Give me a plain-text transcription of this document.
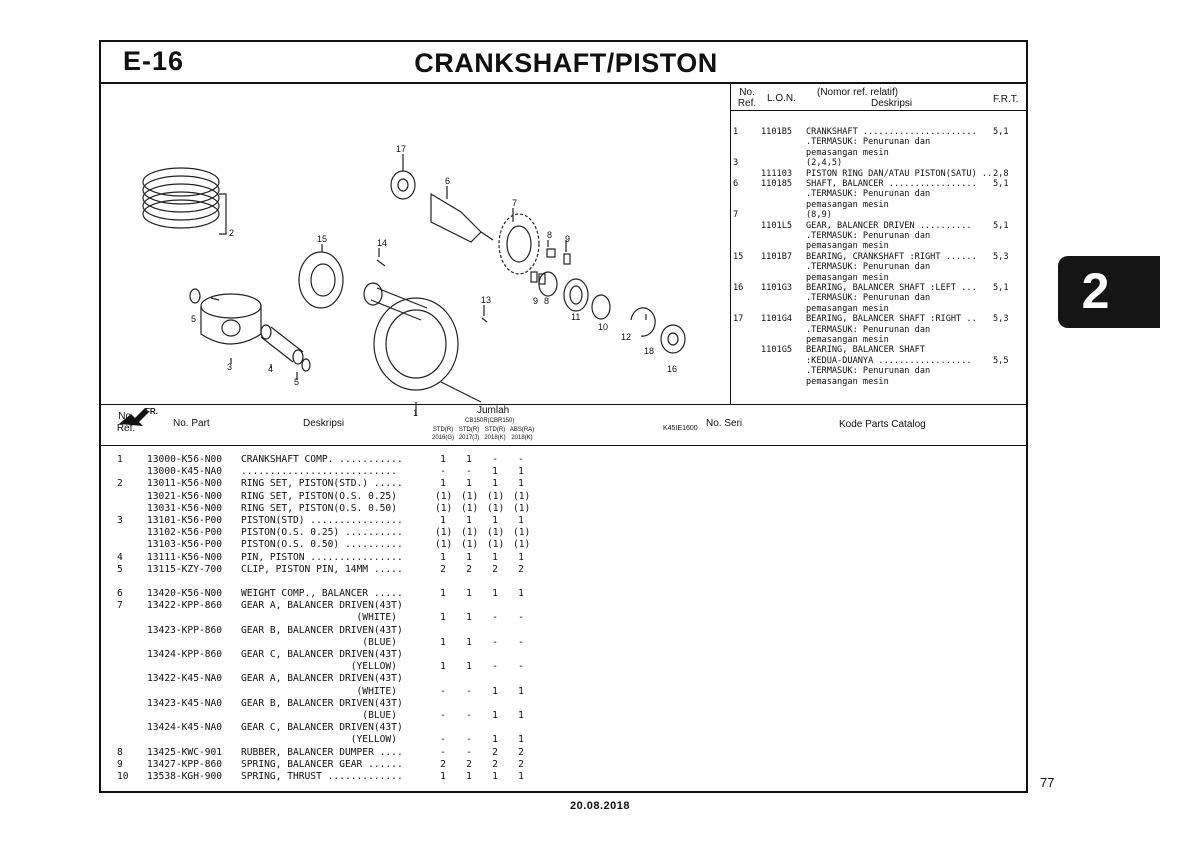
E-16	CRANKSHAFT/PISTON
17
6
7
2
15	14
8 9
13	9 8
11
10
12
18
16
5
3	4
5
1
FR.
K45IE1600
No. Ref. L.O.N.
(Nomor ref. relatif)
Deskripsi	F.R.T.
1	1101B5 CRANKSHAFT ...................... 5,1
.TERMASUK: Penurunan dan
pemasangan mesin
3	(2,4,5)
111103 PISTON RING DAN/ATAU PISTON(SATU) .. 2,8
6	110185 SHAFT, BALANCER ................. 5,1
.TERMASUK: Penurunan dan
pemasangan mesin
7	(8,9)
1101L5 GEAR, BALANCER DRIVEN .......... 5,1
.TERMASUK: Penurunan dan
pemasangan mesin
15 1101B7 BEARING, CRANKSHAFT :RIGHT ...... 5,3
.TERMASUK: Penurunan dan
pemasangan mesin
16 1101G3 BEARING, BALANCER SHAFT :LEFT ... 5,1
.TERMASUK: Penurunan dan
pemasangan mesin
17 1101G4 BEARING, BALANCER SHAFT :RIGHT .. 5,3
.TERMASUK: Penurunan dan
pemasangan mesin
1101G5 BEARING, BALANCER SHAFT
:KEDUA-DUANYA .................. 5,5
.TERMASUK: Penurunan dan
pemasangan mesin
No. Ref.	No. Part	Deskripsi
Jumlah
CB150R(CBR150)
STD(R) STD(R) STD(R) ABS(RA)
2016(G) 2017(J) 2018(K) 2018(K)
No. Seri	Kode Parts Catalog
1	13000-K56-N00 CRANKSHAFT COMP. ...........	1	1	-	-
13000-K45-NA0 ...........................	-	-	1	1
2	13011-K56-N00 RING SET, PISTON(STD.) .....	1	1	1	1
13021-K56-N00 RING SET, PISTON(O.S. 0.25)	(1) (1) (1) (1)
13031-K56-N00 RING SET, PISTON(O.S. 0.50)	(1) (1) (1) (1)
3	13101-K56-P00 PISTON(STD) ................	1	1	1	1
13102-K56-P00 PISTON(O.S. 0.25) ..........	(1) (1) (1) (1)
13103-K56-P00 PISTON(O.S. 0.50) ..........	(1) (1) (1) (1)
4	13111-K56-N00 PIN, PISTON ................	1	1	1	1
5	13115-KZY-700 CLIP, PISTON PIN, 14MM .....	2	2	2	2
6	13420-K56-N00 WEIGHT COMP., BALANCER .....	1	1	1	1
7	13422-KPP-860 GEAR A, BALANCER DRIVEN(43T)
(WHITE)	1	1	-	-
13423-KPP-860 GEAR B, BALANCER DRIVEN(43T)
(BLUE)	1	1	-	-
13424-KPP-860 GEAR C, BALANCER DRIVEN(43T)
(YELLOW)	1	1	-	-
13422-K45-NA0 GEAR A, BALANCER DRIVEN(43T)
(WHITE)	-	-	1	1
13423-K45-NA0 GEAR B, BALANCER DRIVEN(43T)
(BLUE)	-	-	1	1
13424-K45-NA0 GEAR C, BALANCER DRIVEN(43T)
(YELLOW)	-	-	1	1
8	13425-KWC-901 RUBBER, BALANCER DUMPER ....	-	-	2	2
9	13427-KPP-860 SPRING, BALANCER GEAR ......	2	2	2	2
10 13538-KGH-900 SPRING, THRUST .............	1	1	1	1	77
20.08.2018
2
